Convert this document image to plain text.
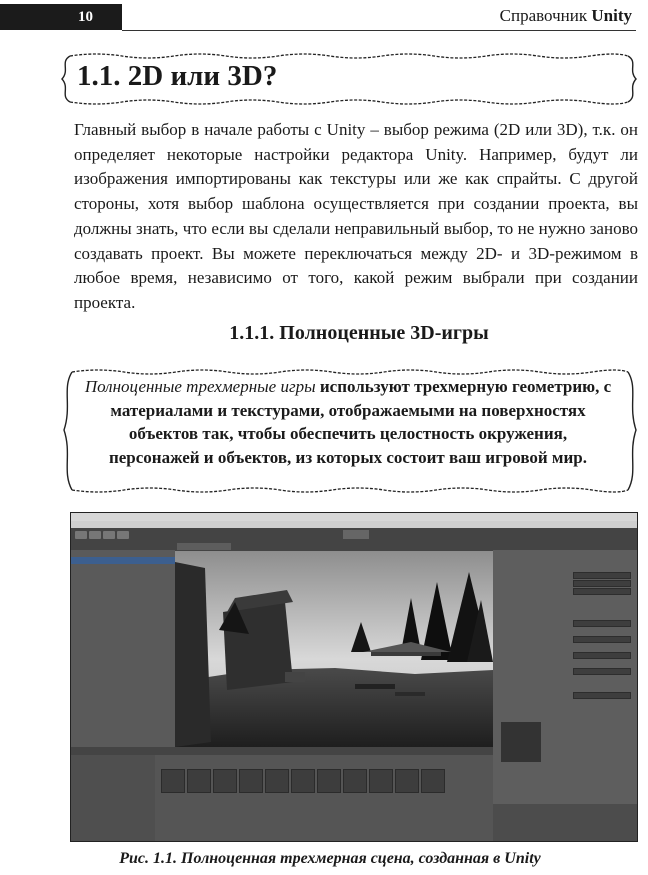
10	Справочник Unity
1.1. 2D или 3D?
Главный выбор в начале работы с Unity – выбор режима (2D или 3D), т.к. он определяет некоторые настройки редактора Unity. Например, будут ли изображения импортированы как текстуры или же как спрайты. С другой стороны, хотя выбор шаблона осуществляется при создании проекта, вы должны знать, что если вы сделали неправильный выбор, то не нужно заново создавать проект. Вы можете переключаться между 2D- и 3D-режимом в любое время, независимо от того, какой режим выбрали при создании проекта.
1.1.1. Полноценные 3D-игры
Полноценные трехмерные игры используют трехмерную геометрию, с материалами и текстурами, отображаемыми на поверхностях объектов так, чтобы обеспечить целостность окружения, персонажей и объектов, из которых состоит ваш игровой мир.
Рис. 1.1. Полноценная трехмерная сцена, созданная в Unity
